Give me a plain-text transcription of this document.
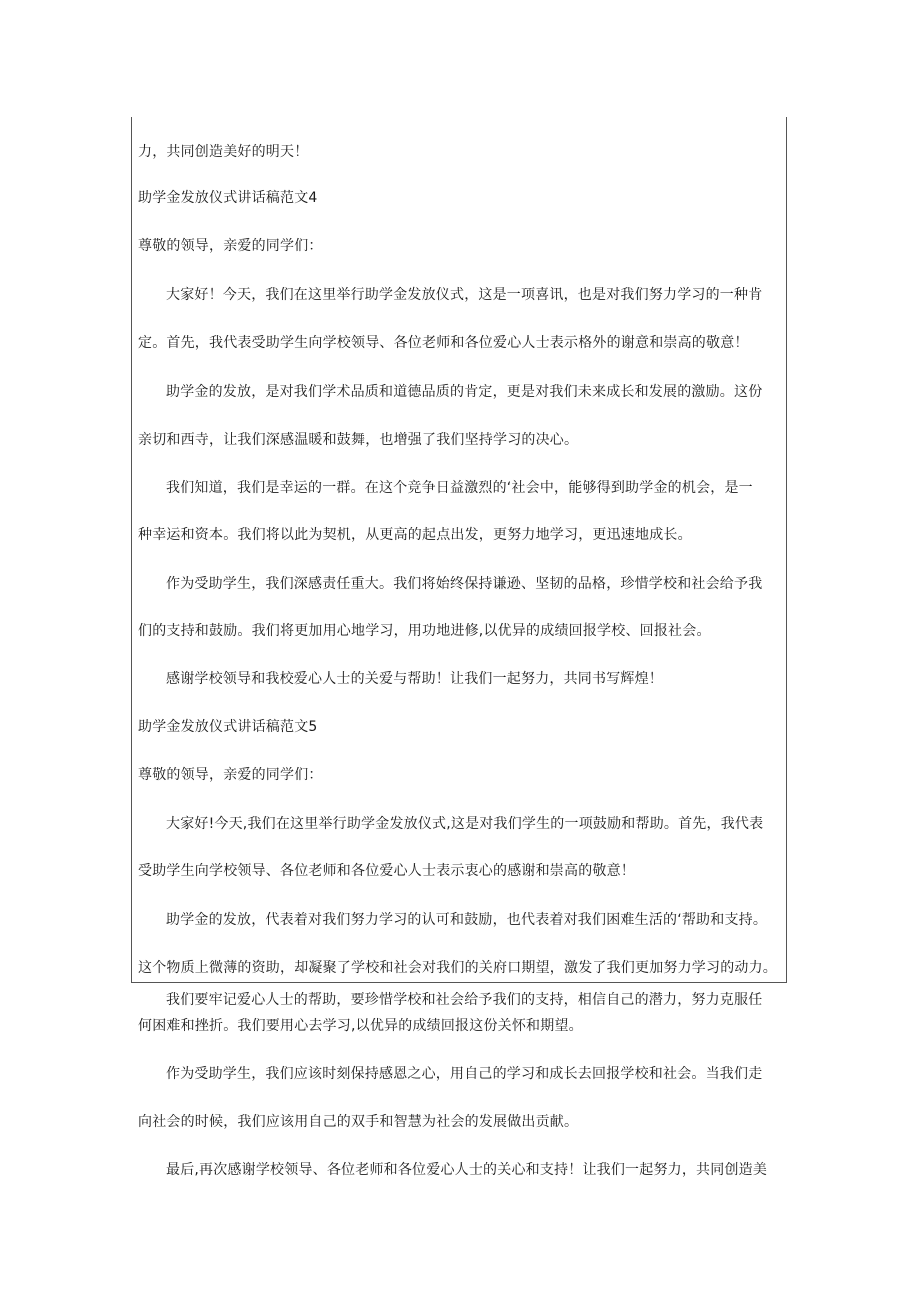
力，共同创造美好的明天！
助学金发放仪式讲话稿范文4
尊敬的领导，亲爱的同学们：
大家好！今天，我们在这里举行助学金发放仪式，这是一项喜讯，也是对我们努力学习的一种肯
定。首先，我代表受助学生向学校领导、各位老师和各位爱心人士表示格外的谢意和崇高的敬意！
助学金的发放，是对我们学术品质和道德品质的肯定，更是对我们未来成长和发展的激励。这份
亲切和西寺，让我们深感温暖和鼓舞，也增强了我们坚持学习的决心。
我们知道，我们是幸运的一群。在这个竞争日益激烈的‘社会中，能够得到助学金的机会，是一
种幸运和资本。我们将以此为契机，从更高的起点出发，更努力地学习，更迅速地成长。
作为受助学生，我们深感责任重大。我们将始终保持谦逊、坚韧的品格，珍惜学校和社会给予我
们的支持和鼓励。我们将更加用心地学习，用功地进修,以优异的成绩回报学校、回报社会。
感谢学校领导和我校爱心人士的关爱与帮助！让我们一起努力，共同书写辉煌！
助学金发放仪式讲话稿范文5
尊敬的领导，亲爱的同学们：
大家好!今天,我们在这里举行助学金发放仪式,这是对我们学生的一项鼓励和帮助。首先，我代表
受助学生向学校领导、各位老师和各位爱心人士表示衷心的感谢和崇高的敬意！
助学金的发放，代表着对我们努力学习的认可和鼓励，也代表着对我们困难生活的‘帮助和支持。
这个物质上微薄的资助，却凝聚了学校和社会对我们的关府口期望，激发了我们更加努力学习的动力。
我们要牢记爱心人士的帮助，要珍惜学校和社会给予我们的支持，相信自己的潜力，努力克服任
何困难和挫折。我们要用心去学习,以优异的成绩回报这份关怀和期望。
作为受助学生，我们应该时刻保持感恩之心，用自己的学习和成长去回报学校和社会。当我们走
向社会的时候，我们应该用自己的双手和智慧为社会的发展做出贡献。
最后,再次感谢学校领导、各位老师和各位爱心人士的关心和支持！让我们一起努力，共同创造美
